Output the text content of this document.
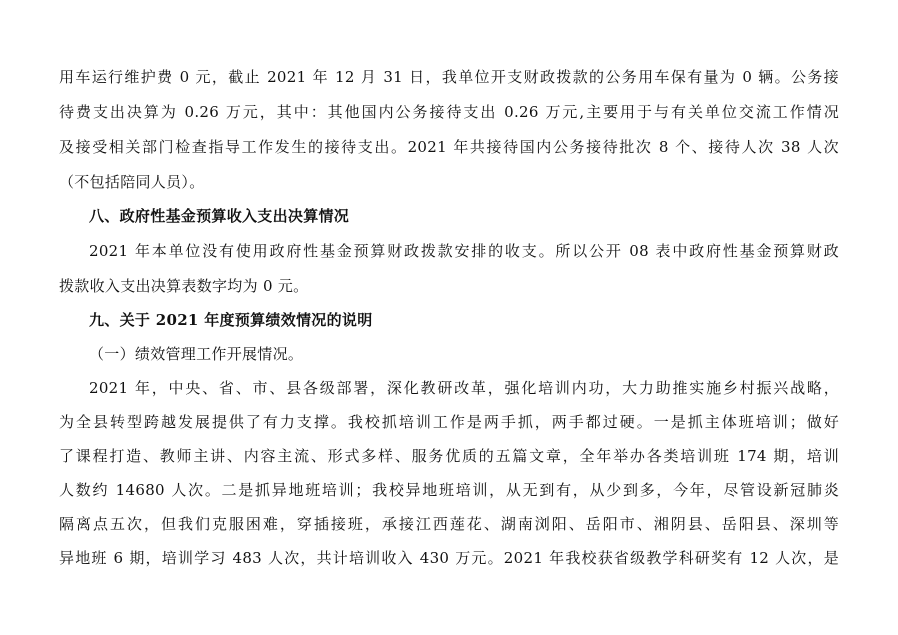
用车运行维护费 0 元，截止 2021 年 12 月 31 日，我单位开支财政拨款的公务用车保有量为 0 辆。公务接
待费支出决算为 0.26 万元，其中：其他国内公务接待支出 0.26 万元,主要用于与有关单位交流工作情况
及接受相关部门检查指导工作发生的接待支出。2021 年共接待国内公务接待批次 8 个、接待人次 38 人次
（不包括陪同人员）。
八、政府性基金预算收入支出决算情况
2021 年本单位没有使用政府性基金预算财政拨款安排的收支。所以公开 08 表中政府性基金预算财政
拨款收入支出决算表数字均为 0 元。
九、关于 2021 年度预算绩效情况的说明
（一）绩效管理工作开展情况。
2021 年，中央、省、市、县各级部署，深化教研改革，强化培训内功，大力助推实施乡村振兴战略，
为全县转型跨越发展提供了有力支撑。我校抓培训工作是两手抓，两手都过硬。一是抓主体班培训；做好
了课程打造、教师主讲、内容主流、形式多样、服务优质的五篇文章，全年举办各类培训班 174 期，培训
人数约 14680 人次。二是抓异地班培训；我校异地班培训，从无到有，从少到多，今年，尽管设新冠肺炎
隔离点五次，但我们克服困难，穿插接班，承接江西莲花、湖南浏阳、岳阳市、湘阴县、岳阳县、深圳等
异地班 6 期，培训学习 483 人次，共计培训收入 430 万元。2021 年我校获省级教学科研奖有 12 人次，是
